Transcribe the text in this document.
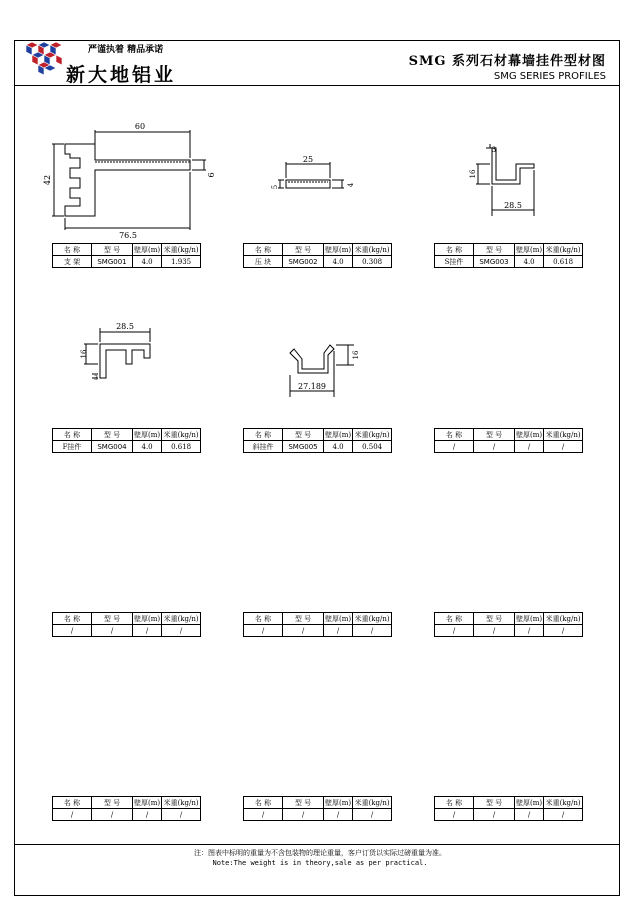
严谨执着 精品承诺
新大地铝业
SMG 系列石材幕墙挂件型材图
SMG SERIES PROFILES
60
42	6
76.5
25
5	4
3
16
28.5
28.5
16
3
16
27.189
名 称	型 号	壁厚(m)	米重(kg/n)
支 架	SMG001	4.0	1.935
名 称	型 号	壁厚(m)	米重(kg/n)
压 块	SMG002	4.0	0.308
名 称	型 号	壁厚(m)	米重(kg/n)
S挂件	SMG003	4.0	0.618
名 称	型 号	壁厚(m)	米重(kg/n)
F挂件	SMG004	4.0	0.618
名 称	型 号	壁厚(m)	米重(kg/n)
斜挂件	SMG005	4.0	0.504
名 称	型 号	壁厚(m)	米重(kg/n)
/	/	/	/
名 称	型 号	壁厚(m)	米重(kg/n)
/	/	/	/
名 称	型 号	壁厚(m)	米重(kg/n)
/	/	/	/
名 称	型 号	壁厚(m)	米重(kg/n)
/	/	/	/
名 称	型 号	壁厚(m)	米重(kg/n)
/	/	/	/
名 称	型 号	壁厚(m)	米重(kg/n)
/	/	/	/
名 称	型 号	壁厚(m)	米重(kg/n)
/	/	/	/
注：图表中标明的重量为不含包装物的理论重量，客户订货以实际过磅重量为准。
Note:The weight is in theory,sale as per practical.
